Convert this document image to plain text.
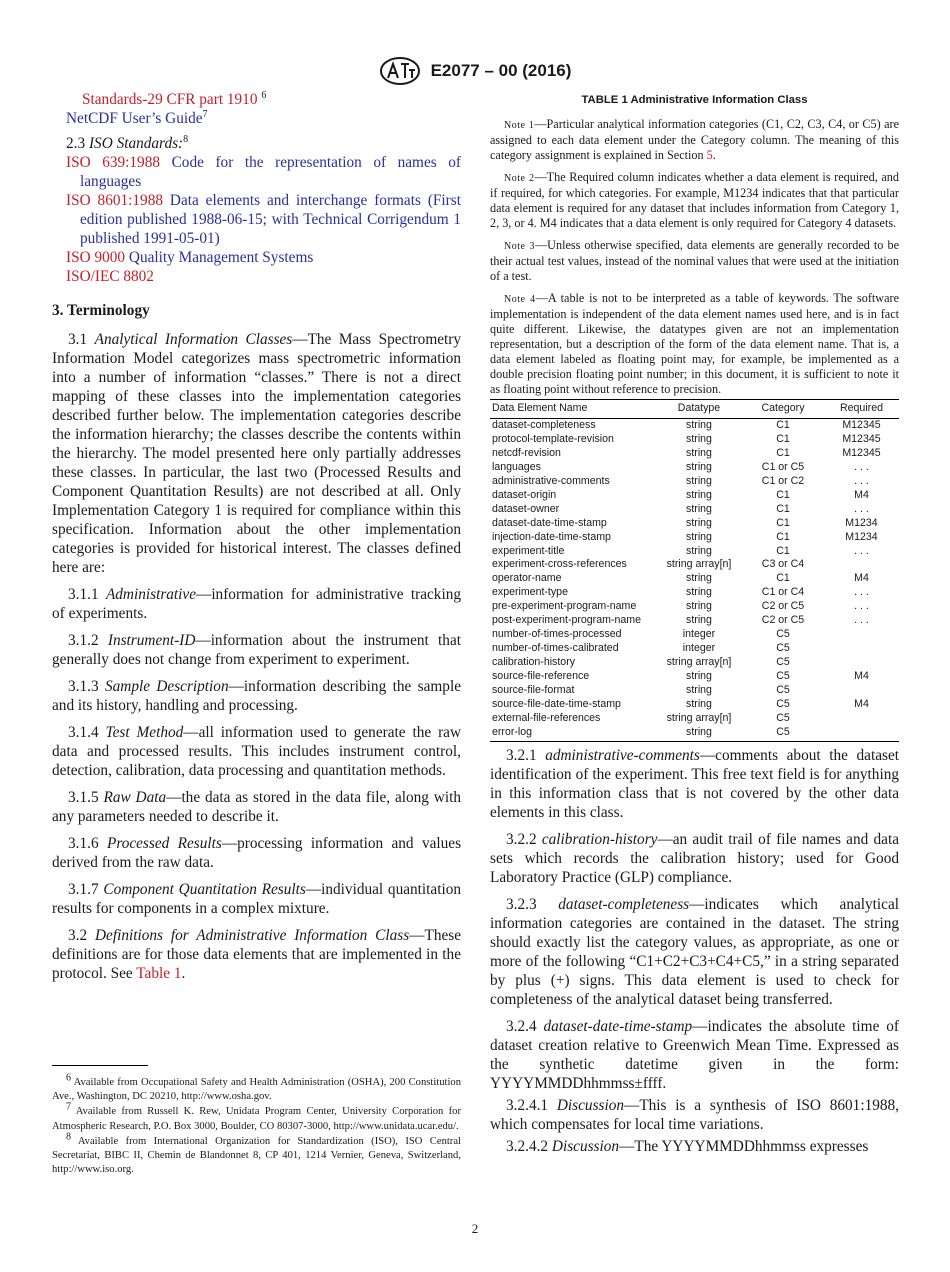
E2077 – 00 (2016)
Standards-29 CFR part 1910 $^6$
NetCDF User’s Guide$^7$
2.3 ISO Standards:$^8$
ISO 639:1988 Code for the representation of names of languages
ISO 8601:1988 Data elements and interchange formats (First edition published 1988-06-15; with Technical Corrigendum 1 published 1991-05-01)
ISO 9000 Quality Management Systems
ISO/IEC 8802
3. Terminology

3.1 Analytical Information Classes—The Mass Spectrometry Information Model categorizes mass spectrometric information into a number of information “classes.” There is not a direct mapping of these classes into the implementation categories described further below. The implementation categories describe the information hierarchy; the classes describe the contents within the hierarchy. The model presented here only partially addresses these classes. In particular, the last two (Processed Results and Component Quantitation Results) are not described at all. Only Implementation Category 1 is required for compliance within this specification. Information about the other implementation categories is provided for historical interest. The classes defined here are:

3.1.1 Administrative—information for administrative tracking of experiments.

3.1.2 Instrument-ID—information about the instrument that generally does not change from experiment to experiment.

3.1.3 Sample Description—information describing the sample and its history, handling and processing.

3.1.4 Test Method—all information used to generate the raw data and processed results. This includes instrument control, detection, calibration, data processing and quantitation methods.

3.1.5 Raw Data—the data as stored in the data file, along with any parameters needed to describe it.

3.1.6 Processed Results—processing information and values derived from the raw data.

3.1.7 Component Quantitation Results—individual quantitation results for components in a complex mixture.

3.2 Definitions for Administrative Information Class—These definitions are for those data elements that are implemented in the protocol. See Table 1.

$^6$ Available from Occupational Safety and Health Administration (OSHA), 200 Constitution Ave., Washington, DC 20210, http://www.osha.gov.
$^7$ Available from Russell K. Rew, Unidata Program Center, University Corporation for Atmospheric Research, P.O. Box 3000, Boulder, CO 80307-3000, http://www.unidata.ucar.edu/.
$^8$ Available from International Organization for Standardization (ISO), ISO Central Secretariat, BIBC II, Chemin de Blandonnet 8, CP 401, 1214 Vernier, Geneva, Switzerland, http://www.iso.org.
TABLE 1 Administrative Information Class

Note 1—Particular analytical information categories (C1, C2, C3, C4, or C5) are assigned to each data element under the Category column. The meaning of this category assignment is explained in Section 5.

Note 2—The Required column indicates whether a data element is required, and if required, for which categories. For example, M1234 indicates that that particular data element is required for any dataset that includes information from Category 1, 2, 3, or 4. M4 indicates that a data element is only required for Category 4 datasets.

Note 3—Unless otherwise specified, data elements are generally recorded to be their actual test values, instead of the nominal values that were used at the initiation of a test.

Note 4—A table is not to be interpreted as a table of keywords. The software implementation is independent of the data element names used here, and is in fact quite different. Likewise, the datatypes given are not an implementation representation, but a description of the form of the data element name. That is, a data element labeled as floating point may, for example, be implemented as a double precision floating point number; in this document, it is sufficient to note it as floating point without reference to precision.

Data Element Name	Datatype	Category	Required
dataset-completeness	string	C1	M12345
protocol-template-revision	string	C1	M12345
netcdf-revision	string	C1	M12345
languages	string	C1 or C5	. . .
administrative-comments	string	C1 or C2	. . .
dataset-origin	string	C1	M4
dataset-owner	string	C1	. . .
dataset-date-time-stamp	string	C1	M1234
injection-date-time-stamp	string	C1	M1234
experiment-title	string	C1	. . .
experiment-cross-references	string array[n]	C3 or C4	
operator-name	string	C1	M4
experiment-type	string	C1 or C4	. . .
pre-experiment-program-name	string	C2 or C5	. . .
post-experiment-program-name	string	C2 or C5	. . .
number-of-times-processed	integer	C5	
number-of-times-calibrated	integer	C5	
calibration-history	string array[n]	C5	
source-file-reference	string	C5	M4
source-file-format	string	C5	
source-file-date-time-stamp	string	C5	M4
external-file-references	string array[n]	C5	
error-log	string	C5	

3.2.1 administrative-comments—comments about the dataset identification of the experiment. This free text field is for anything in this information class that is not covered by the other data elements in this class.

3.2.2 calibration-history—an audit trail of file names and data sets which records the calibration history; used for Good Laboratory Practice (GLP) compliance.

3.2.3 dataset-completeness—indicates which analytical information categories are contained in the dataset. The string should exactly list the category values, as appropriate, as one or more of the following “C1+C2+C3+C4+C5,” in a string separated by plus (+) signs. This data element is used to check for completeness of the analytical dataset being transferred.

3.2.4 dataset-date-time-stamp—indicates the absolute time of dataset creation relative to Greenwich Mean Time. Expressed as the synthetic datetime given in the form: YYYYMMDDhhmmss±ffff.

3.2.4.1 Discussion—This is a synthesis of ISO 8601:1988, which compensates for local time variations.

3.2.4.2 Discussion—The YYYYMMDDhhmmss expresses

2
